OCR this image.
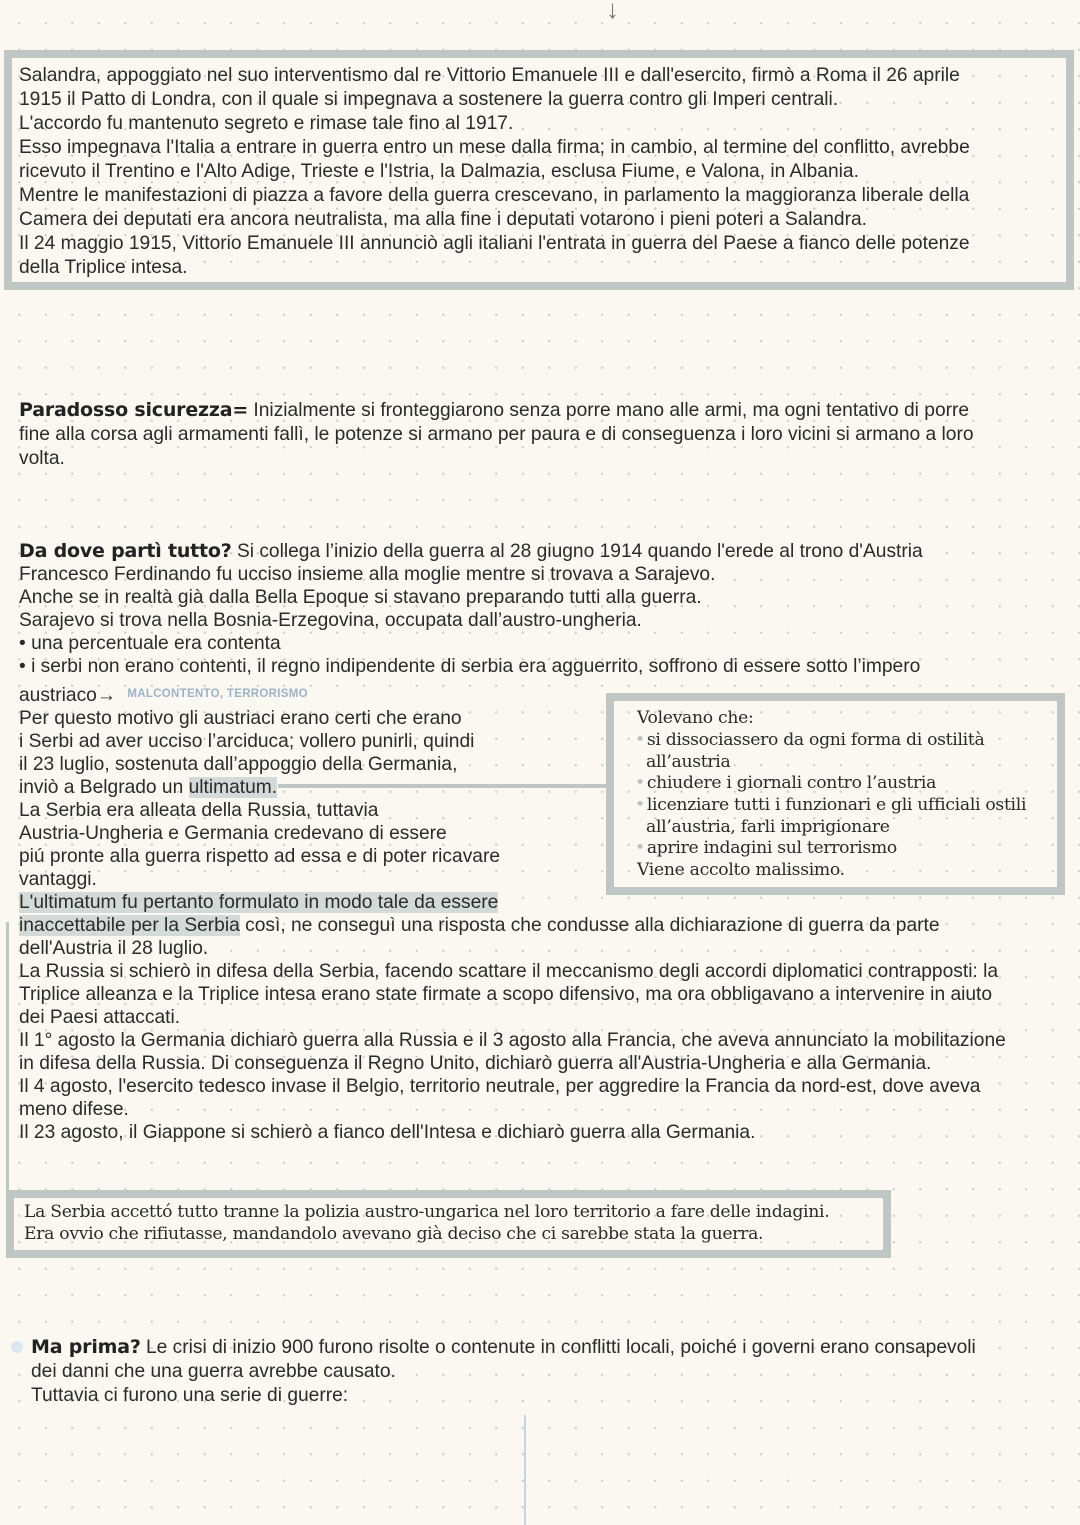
↓
Salandra, appoggiato nel suo interventismo dal re Vittorio Emanuele III e dall'esercito, firmò a Roma il 26 aprile
1915 il Patto di Londra, con il quale si impegnava a sostenere la guerra contro gli Imperi centrali.
L'accordo fu mantenuto segreto e rimase tale fino al 1917.
Esso impegnava l'Italia a entrare in guerra entro un mese dalla firma; in cambio, al termine del conflitto, avrebbe
ricevuto il Trentino e l'Alto Adige, Trieste e l'Istria, la Dalmazia, esclusa Fiume, e Valona, in Albania.
Mentre le manifestazioni di piazza a favore della guerra crescevano, in parlamento la maggioranza liberale della
Camera dei deputati era ancora neutralista, ma alla fine i deputati votarono i pieni poteri a Salandra.
Il 24 maggio 1915, Vittorio Emanuele III annunciò agli italiani l'entrata in guerra del Paese a fianco delle potenze
della Triplice intesa.
Paradosso sicurezza= Inizialmente si fronteggiarono senza porre mano alle armi, ma ogni tentativo di porre
fine alla corsa agli armamenti fallì, le potenze si armano per paura e di conseguenza i loro vicini si armano a loro
volta.
Da dove partì tutto? Si collega l’inizio della guerra al 28 giugno 1914 quando l'erede al trono d'Austria
Francesco Ferdinando fu ucciso insieme alla moglie mentre si trovava a Sarajevo.
Anche se in realtà già dalla Bella Epoque si stavano preparando tutti alla guerra.
Sarajevo si trova nella Bosnia-Erzegovina, occupata dall’austro-ungheria.
• una percentuale era contenta
• i serbi non erano contenti, il regno indipendente di serbia era agguerrito, soffrono di essere sotto l’impero
austriaco→ $^{MALCONTENTO, TERRORISMO}$
Per questo motivo gli austriaci erano certi che erano
i Serbi ad aver ucciso l’arciduca; vollero punirli, quindi
il 23 luglio, sostenuta dall’appoggio della Germania,
inviò a Belgrado un ultimatum.
La Serbia era alleata della Russia, tuttavia
Austria-Ungheria e Germania credevano di essere
piú pronte alla guerra rispetto ad essa e di poter ricavare
vantaggi.
L'ultimatum fu pertanto formulato in modo tale da essere
inaccettabile per la Serbia così, ne conseguì una risposta che condusse alla dichiarazione di guerra da parte
dell'Austria il 28 luglio.
La Russia si schierò in difesa della Serbia, facendo scattare il meccanismo degli accordi diplomatici contrapposti: la
Triplice alleanza e la Triplice intesa erano state firmate a scopo difensivo, ma ora obbligavano a intervenire in aiuto
dei Paesi attaccati.
Il 1° agosto la Germania dichiarò guerra alla Russia e il 3 agosto alla Francia, che aveva annunciato la mobilitazione
in difesa della Russia. Di conseguenza il Regno Unito, dichiarò guerra all'Austria-Ungheria e alla Germania.
Il 4 agosto, l'esercito tedesco invase il Belgio, territorio neutrale, per aggredire la Francia da nord-est, dove aveva
meno difese.
Il 23 agosto, il Giappone si schierò a fianco dell'Intesa e dichiarò guerra alla Germania.
Volevano che:
• si dissociassero da ogni forma di ostilità
all’austria
• chiudere i giornali contro l’austria
• licenziare tutti i funzionari e gli ufficiali ostili
all’austria, farli imprigionare
• aprire indagini sul terrorismo
Viene accolto malissimo.
La Serbia accettó tutto tranne la polizia austro-ungarica nel loro territorio a fare delle indagini.
Era ovvio che rifiutasse, mandandolo avevano già deciso che ci sarebbe stata la guerra.
Ma prima? Le crisi di inizio 900 furono risolte o contenute in conflitti locali, poiché i governi erano consapevoli
dei danni che una guerra avrebbe causato.
Tuttavia ci furono una serie di guerre:
